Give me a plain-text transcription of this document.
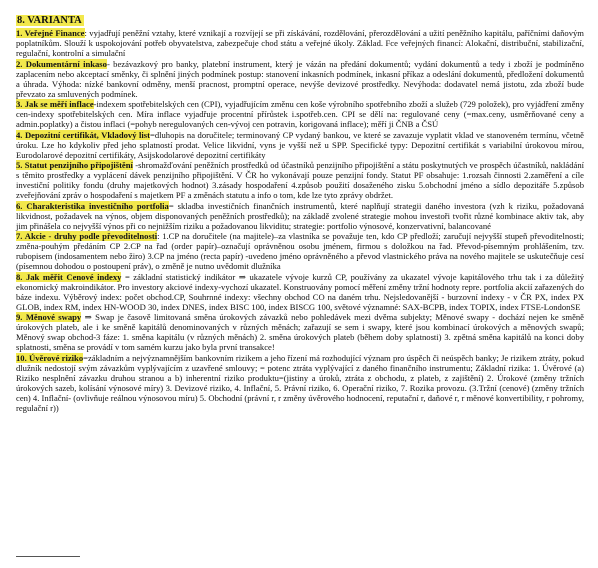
8. VARIANTA

1. Veřejné Finance: vyjadřují peněžní vztahy, které vznikají a rozvíjejí se při získávání, rozdělování, přerozdělování a užití peněžního kapitálu, paříčními daňovým poplatníkům. Slouží k uspokojování potřeb obyvatelstva, zabezpečuje chod státu a veřejné úkoly. Základ. Fce veřejných financí: Alokační, distribuční, stabilizační, regulační, kontrolní a simulační

2. Dokumentární inkaso- bezávazkový pro banky, platební instrument, který je vázán na předání dokumentů; vydání dokumentů a tedy i zboží je podmíněno zaplacením nebo akceptací směnky, či splnění jiných podmínek postup: stanovení inkasních podmínek, inkasní příkaz a odeslání dokumentů, předložení dokumentů a úhrada. Výhoda: nízké bankovní odměny, menší pracnost, promptní operace, nevýše devizové prostředky. Nevýhoda: dodavatel nemá jistotu, zda zboží bude převzato za smluvených podmínek.

3. Jak se měří inflace-indexem spotřebitelských cen (CPI), vyjadřujícím změnu cen koše výrobního spotřebního zboží a služeb (729 položek), pro vyjádření změny cen-indexy spotřebitelských cen. Míra inflace vyjadřuje procentní přírůstek i.spotřeb.cen. CPI se dělí na: regulované ceny (=max.ceny, usměrňované ceny a admin.poplatky) a čistou inflaci (=pohyb neregulovaných cen-vývoj cen potravin, korigovaná inflace); měří ji ČNB a ČSÚ

4. Depozitní certifikát, Vkladový list=dluhopis na doručitele; terminovaný CP vydaný bankou, ve které se zavazuje vyplatit vklad ve stanoveném termínu, včetně úroku. Lze ho kdykoliv před jeho splatností prodat. Velice likvidní, vyns je vyšší než u SPP. Specifické typy: Depozitní certifikát s variabilní úrokovou mírou, Eurodolarové depozitní certifikáty, Asijskodolarové depozitní certifikáty

5. Statut penzijního připojištění -shromažďování peněžních prostředků od účastníků penzijního připojištění a státu poskytnutých ve prospěch účastníků, nakládání s těmito prostředky a vyplácení dávek penzijního připojištění. V ČR ho vykonávají pouze penzijní fondy. Statut PF obsahuje: 1.rozsah činnosti 2.zaměření a cíle investiční politiky fondu (druhy majetkových hodnot) 3.zásady hospodaření 4.způsob použití dosaženého zisku 5.obchodní jméno a sídlo depozitáře 5.způsob zveřejňování zpráv o hospodaření s majetkem PF a změnách statutu a info o tom, kde lze tyto zprávy obdržet.

6. Charakteristika investičního portfolia= skladba investičních finančních instrumentů, které naplňují strategii daného investora (vzh k riziku, požadovaná likvidnost, požadavek na výnos, objem disponovaných peněžních prostředků); na základě zvolené strategie mohou investoři tvořit různé kombinace aktiv tak, aby jim přinášela co nejvyšší výnos při co nejnižším riziku a požadovanou likviditu; strategie: portfolio výnosové, konzervativní, balancované

7. Akcie - druhy podle převoditelnosti: 1.CP na doručitele (na majitele)–za vlastníka se považuje ten, kdo CP předloží; zaručují nejvyšší stupeň převoditelnosti; změna-pouhým předáním CP 2.CP na řad (order papír)–označují oprávněnou osobu jménem, firmou s doložkou na řad. Převod-písemným prohlášením, tzv. rubopisem (indosamentem nebo žiro) 3.CP na jméno (recta papír) -uvedeno jméno oprávněného a převod vlastnického práva na nového majitele se uskutečňuje cesí (písemnou dohodou o postoupení práv), o změně je nutno uvědomit dlužníka

8. Jak měřit Cenové indexy = základní statistický indikátor ⇒ ukazatele vývoje kurzů CP, používány za ukazatel vývoje kapitálového trhu tak i za důležitý ekonomický makroindikátor. Pro investory akciové indexy-vychozí ukazatel. Konstruovány pomocí měření změny tržní hodnoty repre. portfolia akcií zařazených do báze indexu. Výběrový index: počet obchod.CP, Souhrnné indexy: všechny obchod CO na daném trhu. Nejsledovanější - burzovní indexy - v ČR PX, index PX GLOB, index RM, index HN-WOOD 30, index DNES, index BISC 100, index BISCG 100, světové významné: SAX-BCPB, index TOPIX, index FTSE-LondonSE

9. Měnové swapy ⇒ Swap je časově limitovaná směna úrokových závazků nebo pohledávek mezi dvěma subjekty; Měnové swapy - dochází nejen ke směně úrokových plateb, ale i ke směně kapitálů denominovaných v různých měnách; zařazují se sem i swapy, které jsou kombinací úrokových a měnových swapů; Měnový swap obchod-3 fáze: 1. směna kapitálu (v různých měnách) 2. směna úrokových plateb (během doby splatnosti) 3. zpětná směna kapitálů na konci doby splatnosti, směna se provádí v tom samém kurzu jako byla první transakce!

10. Úvěrové riziko=základním a nejvýznamnějším bankovním rizikem a jeho řízení má rozhodující význam pro úspěch či neúspěch banky; Je rizikem ztráty, pokud dlužník nedostojí svým závazkům vyplývajícím z uzavřené smlouvy; = potenc ztráta vyplývající z daného finančního instrumentu; Základní rizika: 1. Úvěrové (a) Riziko nesplnění závazku druhou stranou a b) inherentní riziko produktu=(jistiny a úroků, ztráta z obchodu, z plateb, z zajištění) 2. Úrokové (změny tržních úrokových sazeb, kolísání výnosové míry) 3. Devizové riziko, 4. Inflační, 5. Právní riziko, 6. Operační riziko, 7. Rozika provozu. (3.Tržní (cenové) (změny tržních cen) 4. Inflační- (ovlivňuje reálnou výnosovou míru) 5. Obchodní (právní r, r změny úvěrového hodnocení, reputační r, daňové r, r měnové konvertibility, r pohromy, regulační r))
